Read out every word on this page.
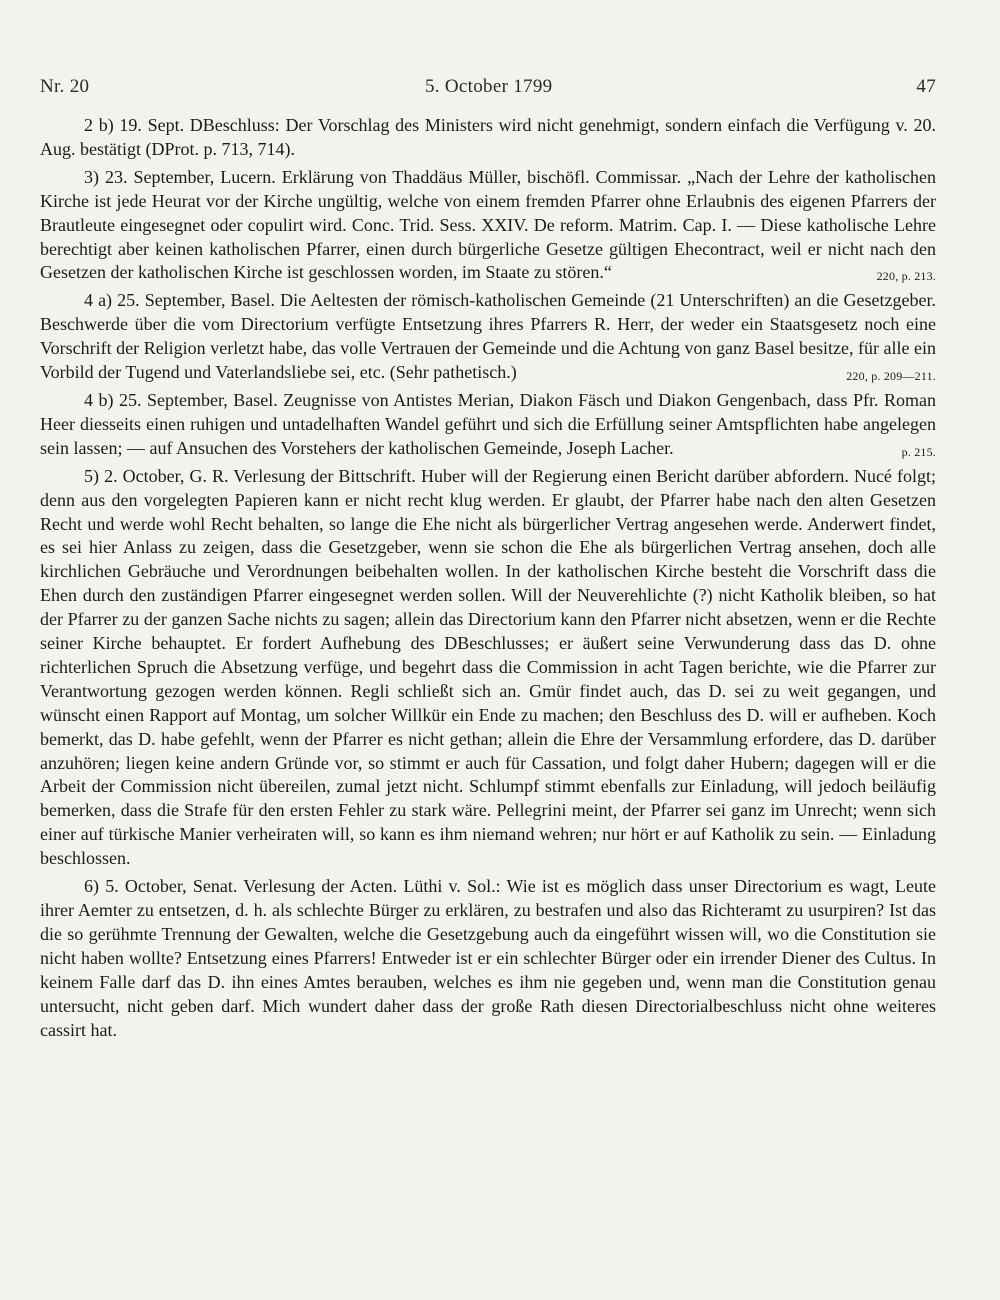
Nr. 20	5. October 1799	47

2 b) 19. Sept. DBeschluss: Der Vorschlag des Ministers wird nicht genehmigt, sondern einfach die Verfügung v. 20. Aug. bestätigt (DProt. p. 713, 714).

3) 23. September, Lucern. Erklärung von Thaddäus Müller, bischöfl. Commissar. „Nach der Lehre der katholischen Kirche ist jede Heurat vor der Kirche ungültig, welche von einem fremden Pfarrer ohne Erlaubnis des eigenen Pfarrers der Brautleute eingesegnet oder copulirt wird. Conc. Trid. Sess. XXIV. De reform. Matrim. Cap. I. — Diese katholische Lehre berechtigt aber keinen katholischen Pfarrer, einen durch bürgerliche Gesetze gültigen Ehecontract, weil er nicht nach den Gesetzen der katholischen Kirche ist geschlossen worden, im Staate zu stören.“	220, p. 213.

4 a) 25. September, Basel. Die Aeltesten der römisch-katholischen Gemeinde (21 Unterschriften) an die Gesetzgeber. Beschwerde über die vom Directorium verfügte Entsetzung ihres Pfarrers R. Herr, der weder ein Staatsgesetz noch eine Vorschrift der Religion verletzt habe, das volle Vertrauen der Gemeinde und die Achtung von ganz Basel besitze, für alle ein Vorbild der Tugend und Vaterlandsliebe sei, etc. (Sehr pathetisch.)	220, p. 209—211.

4 b) 25. September, Basel. Zeugnisse von Antistes Merian, Diakon Fäsch und Diakon Gengenbach, dass Pfr. Roman Heer diesseits einen ruhigen und untadelhaften Wandel geführt und sich die Erfüllung seiner Amtspflichten habe angelegen sein lassen; — auf Ansuchen des Vorstehers der katholischen Gemeinde, Joseph Lacher.	p. 215.

5) 2. October, G. R. Verlesung der Bittschrift. Huber will der Regierung einen Bericht darüber abfordern. Nucé folgt; denn aus den vorgelegten Papieren kann er nicht recht klug werden. Er glaubt, der Pfarrer habe nach den alten Gesetzen Recht und werde wohl Recht behalten, so lange die Ehe nicht als bürgerlicher Vertrag angesehen werde. Anderwert findet, es sei hier Anlass zu zeigen, dass die Gesetzgeber, wenn sie schon die Ehe als bürgerlichen Vertrag ansehen, doch alle kirchlichen Gebräuche und Verordnungen beibehalten wollen. In der katholischen Kirche besteht die Vorschrift dass die Ehen durch den zuständigen Pfarrer eingesegnet werden sollen. Will der Neuverehlichte (?) nicht Katholik bleiben, so hat der Pfarrer zu der ganzen Sache nichts zu sagen; allein das Directorium kann den Pfarrer nicht absetzen, wenn er die Rechte seiner Kirche behauptet. Er fordert Aufhebung des DBeschlusses; er äußert seine Verwunderung dass das D. ohne richterlichen Spruch die Absetzung verfüge, und begehrt dass die Commission in acht Tagen berichte, wie die Pfarrer zur Verantwortung gezogen werden können. Regli schließt sich an. Gmür findet auch, das D. sei zu weit gegangen, und wünscht einen Rapport auf Montag, um solcher Willkür ein Ende zu machen; den Beschluss des D. will er aufheben. Koch bemerkt, das D. habe gefehlt, wenn der Pfarrer es nicht gethan; allein die Ehre der Versammlung erfordere, das D. darüber anzuhören; liegen keine andern Gründe vor, so stimmt er auch für Cassation, und folgt daher Hubern; dagegen will er die Arbeit der Commission nicht übereilen, zumal jetzt nicht. Schlumpf stimmt ebenfalls zur Einladung, will jedoch beiläufig bemerken, dass die Strafe für den ersten Fehler zu stark wäre. Pellegrini meint, der Pfarrer sei ganz im Unrecht; wenn sich einer auf türkische Manier verheiraten will, so kann es ihm niemand wehren; nur hört er auf Katholik zu sein. — Einladung beschlossen.

6) 5. October, Senat. Verlesung der Acten. Lüthi v. Sol.: Wie ist es möglich dass unser Directorium es wagt, Leute ihrer Aemter zu entsetzen, d. h. als schlechte Bürger zu erklären, zu bestrafen und also das Richteramt zu usurpiren? Ist das die so gerühmte Trennung der Gewalten, welche die Gesetzgebung auch da eingeführt wissen will, wo die Constitution sie nicht haben wollte? Entsetzung eines Pfarrers! Entweder ist er ein schlechter Bürger oder ein irrender Diener des Cultus. In keinem Falle darf das D. ihn eines Amtes berauben, welches es ihm nie gegeben und, wenn man die Constitution genau untersucht, nicht geben darf. Mich wundert daher dass der große Rath diesen Directorialbeschluss nicht ohne weiteres cassirt hat.
